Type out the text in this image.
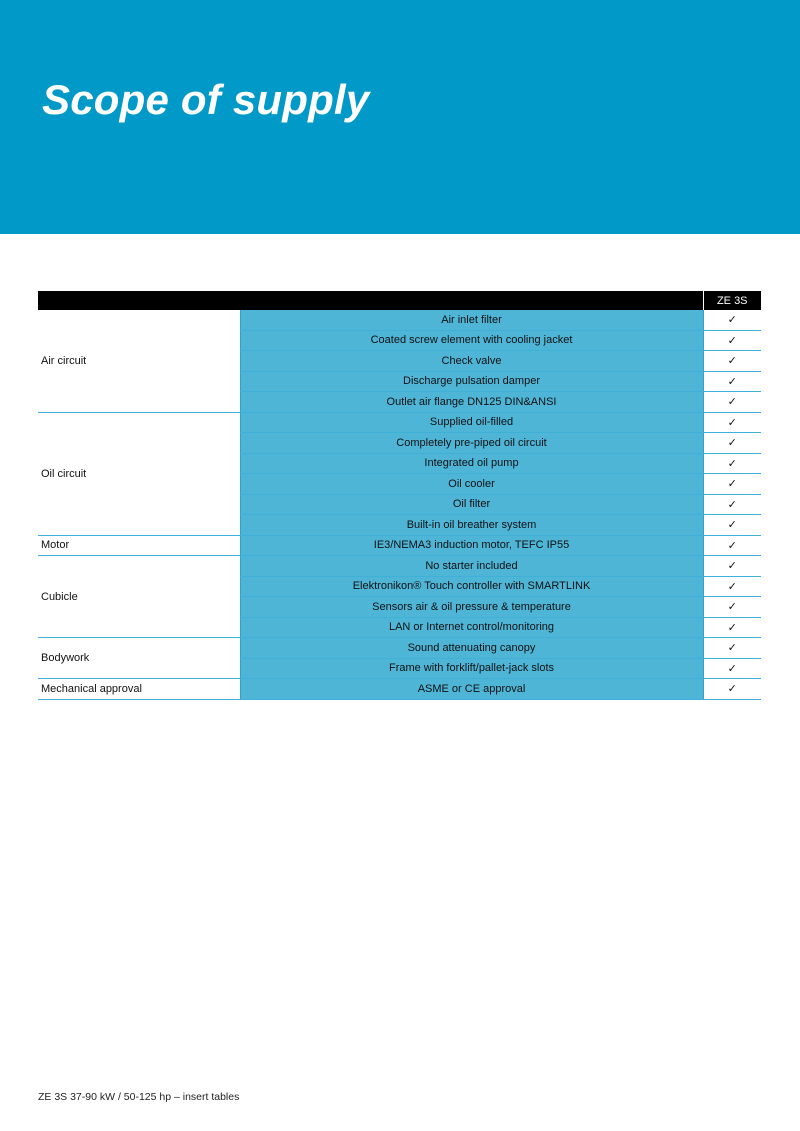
Scope of supply
		ZE 3S
Air circuit	Air inlet filter	✓
	Coated screw element with cooling jacket	✓
	Check valve	✓
	Discharge pulsation damper	✓
	Outlet air flange DN125 DIN&ANSI	✓
Oil circuit	Supplied oil-filled	✓
	Completely pre-piped oil circuit	✓
	Integrated oil pump	✓
	Oil cooler	✓
	Oil filter	✓
	Built-in oil breather system	✓
Motor	IE3/NEMA3 induction motor, TEFC IP55	✓
Cubicle	No starter included	✓
	Elektronikon® Touch controller with SMARTLINK	✓
	Sensors air & oil pressure & temperature	✓
	LAN or Internet control/monitoring	✓
Bodywork	Sound attenuating canopy	✓
	Frame with forklift/pallet-jack slots	✓
Mechanical approval	ASME or CE approval	✓
ZE 3S 37-90 kW / 50-125 hp – insert tables
